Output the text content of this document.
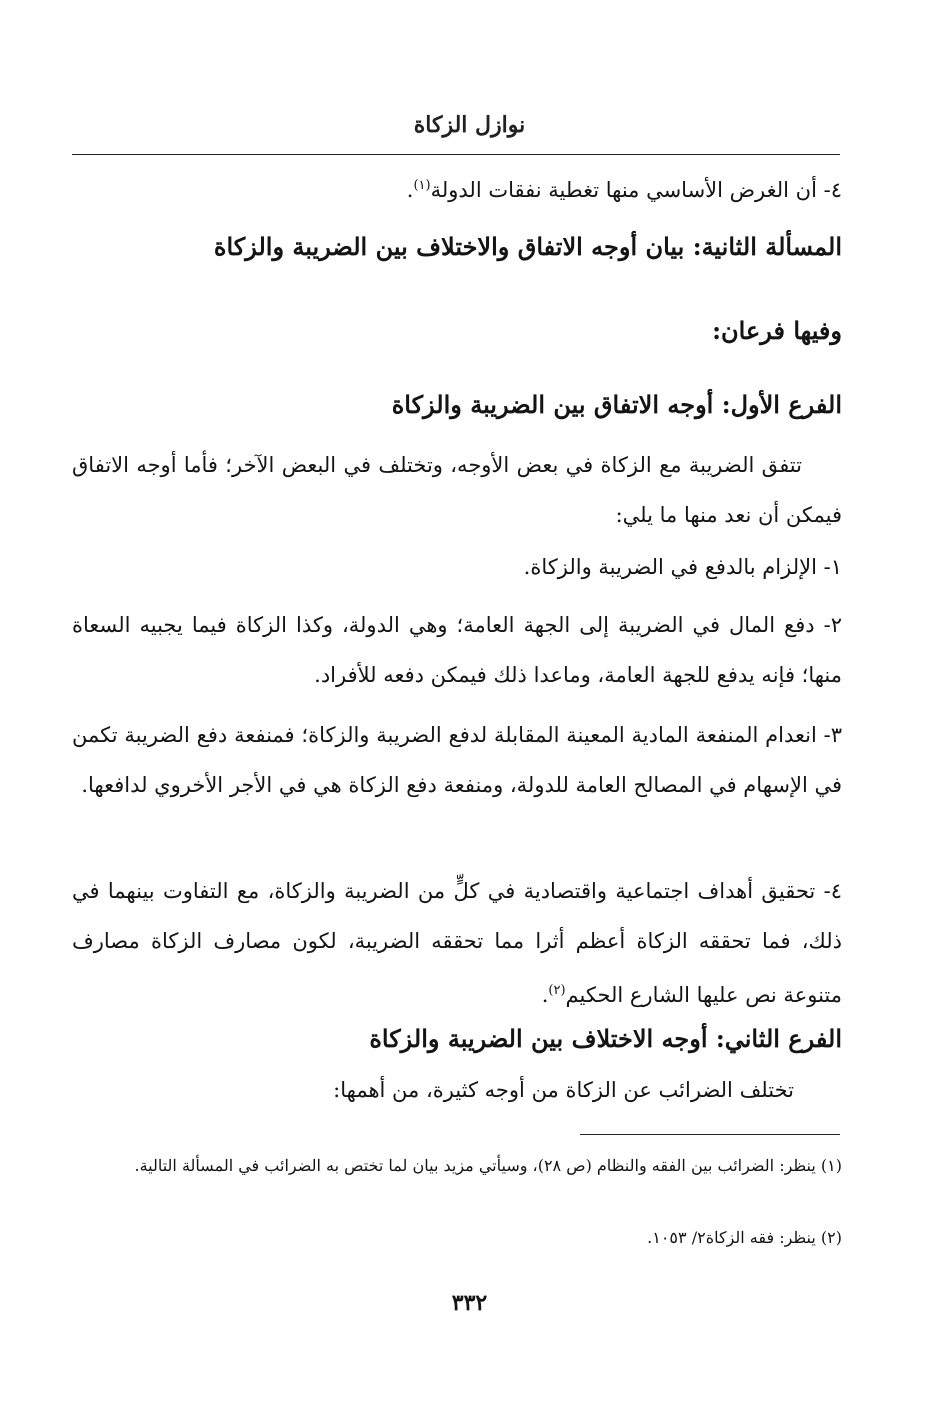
نوازل الزكاة
٤- أن الغرض الأساسي منها تغطية نفقات الدولة$^{(١)}$.
المسألة الثانية: بيان أوجه الاتفاق والاختلاف بين الضريبة والزكاة
وفيها فرعان:
الفرع الأول: أوجه الاتفاق بين الضريبة والزكاة
تتفق الضريبة مع الزكاة في بعض الأوجه، وتختلف في البعض الآخر؛ فأما أوجه الاتفاق فيمكن أن نعد منها ما يلي:
١- الإلزام بالدفع في الضريبة والزكاة.
٢- دفع المال في الضريبة إلى الجهة العامة؛ وهي الدولة، وكذا الزكاة فيما يجبيه السعاة منها؛ فإنه يدفع للجهة العامة، وماعدا ذلك فيمكن دفعه للأفراد.
٣- انعدام المنفعة المادية المعينة المقابلة لدفع الضريبة والزكاة؛ فمنفعة دفع الضريبة تكمن في الإسهام في المصالح العامة للدولة، ومنفعة دفع الزكاة هي في الأجر الأخروي لدافعها.
٤- تحقيق أهداف اجتماعية واقتصادية في كلٍّ من الضريبة والزكاة، مع التفاوت بينهما في ذلك، فما تحققه الزكاة أعظم أثرا مما تحققه الضريبة، لكون مصارف الزكاة مصارف متنوعة نص عليها الشارع الحكيم$^{(٢)}$.
الفرع الثاني: أوجه الاختلاف بين الضريبة والزكاة
تختلف الضرائب عن الزكاة من أوجه كثيرة، من أهمها:
(١) ينظر: الضرائب بين الفقه والنظام (ص ٢٨)، وسيأتي مزيد بيان لما تختص به الضرائب في المسألة التالية.
(٢) ينظر: فقه الزكاة٢/ ١٠٥٣.
٣٣٢
